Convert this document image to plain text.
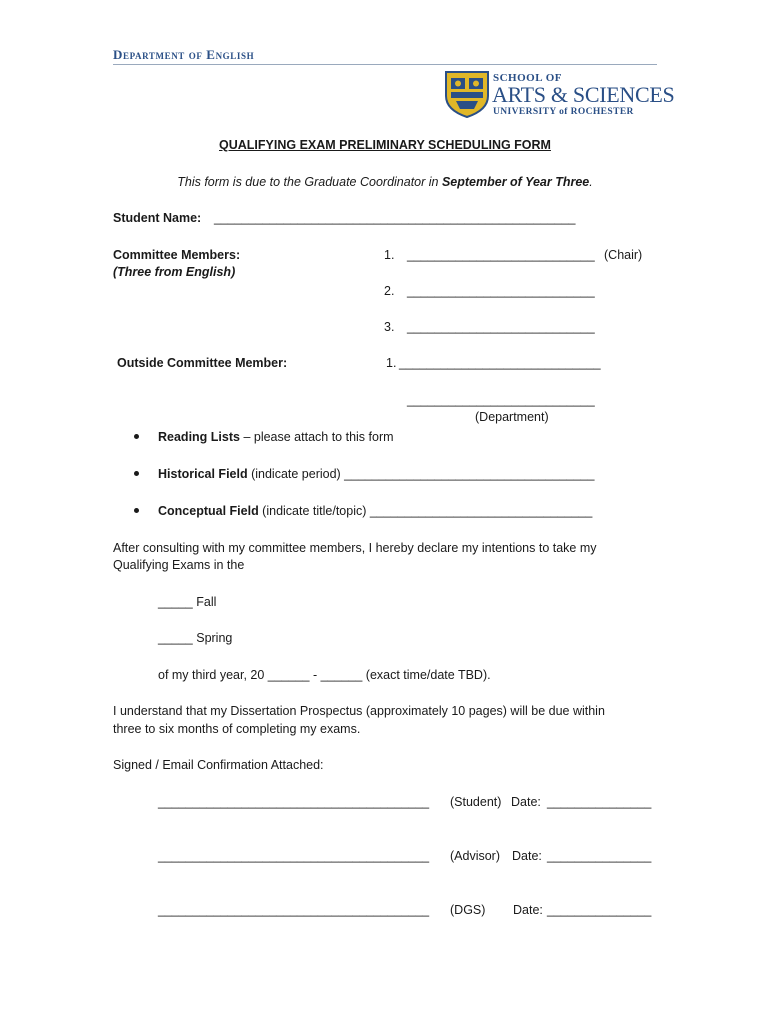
Department of English
SCHOOL OF
ARTS & SCIENCES
UNIVERSITY of ROCHESTER
QUALIFYING EXAM PRELIMINARY SCHEDULING FORM
This form is due to the Graduate Coordinator in September of Year Three.
Student Name: ____________________________________________________
Committee Members:
(Three from English)
1. ___________________________ (Chair)
2. ___________________________
3. ___________________________
Outside Committee Member:	1. _____________________________
___________________________
(Department)
Reading Lists – please attach to this form
Historical Field (indicate period) ____________________________________
Conceptual Field (indicate title/topic) ________________________________
After consulting with my committee members, I hereby declare my intentions to take my
Qualifying Exams in the
_____ Fall
_____ Spring
of my third year, 20 ______ - ______ (exact time/date TBD).
I understand that my Dissertation Prospectus (approximately 10 pages) will be due within
three to six months of completing my exams.
Signed / Email Confirmation Attached:
_______________________________________ (Student) Date: _______________
_______________________________________ (Advisor) Date: _______________
_______________________________________ (DGS) Date: _______________
